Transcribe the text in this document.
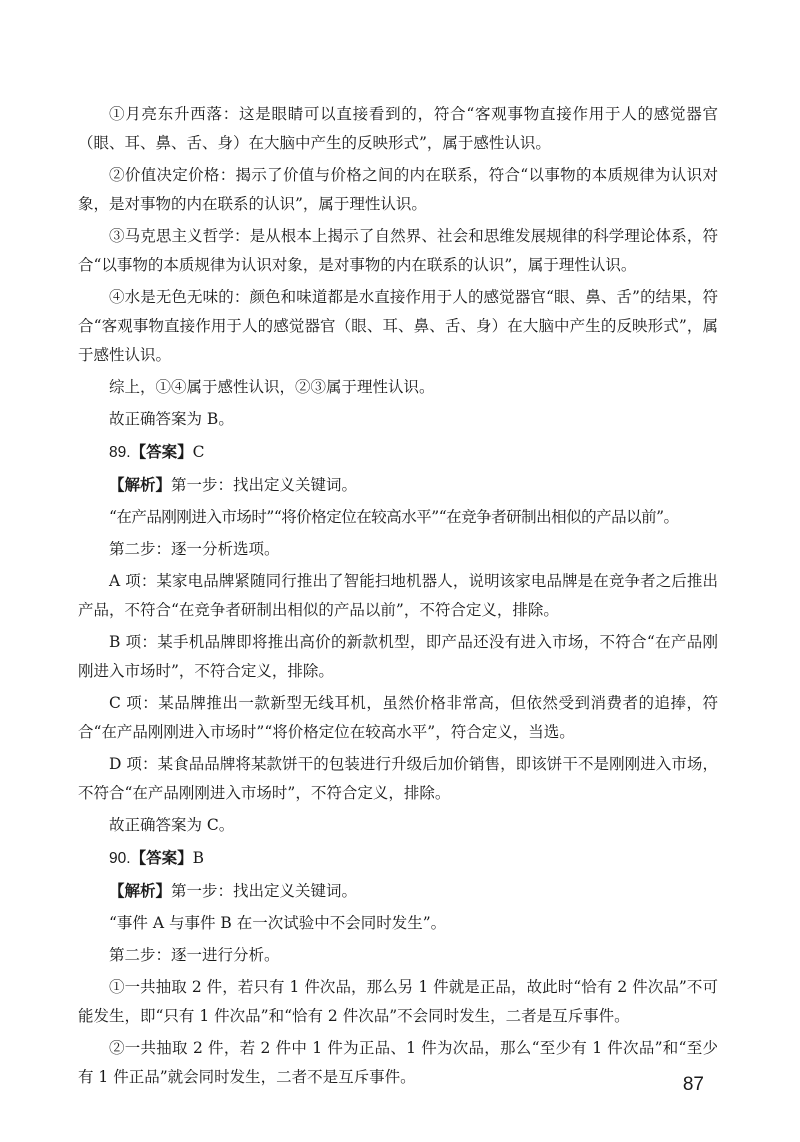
①月亮东升西落：这是眼睛可以直接看到的，符合“客观事物直接作用于人的感觉器官（眼、耳、鼻、舌、身）在大脑中产生的反映形式”，属于感性认识。

②价值决定价格：揭示了价值与价格之间的内在联系，符合“以事物的本质规律为认识对象，是对事物的内在联系的认识”，属于理性认识。

③马克思主义哲学：是从根本上揭示了自然界、社会和思维发展规律的科学理论体系，符合“以事物的本质规律为认识对象，是对事物的内在联系的认识”，属于理性认识。

④水是无色无味的：颜色和味道都是水直接作用于人的感觉器官“眼、鼻、舌”的结果，符合“客观事物直接作用于人的感觉器官（眼、耳、鼻、舌、身）在大脑中产生的反映形式”，属于感性认识。

综上，①④属于感性认识，②③属于理性认识。

故正确答案为 B。

89.【答案】C

【解析】第一步：找出定义关键词。

“在产品刚刚进入市场时”“将价格定位在较高水平”“在竞争者研制出相似的产品以前”。

第二步：逐一分析选项。

A 项：某家电品牌紧随同行推出了智能扫地机器人，说明该家电品牌是在竞争者之后推出产品，不符合“在竞争者研制出相似的产品以前”，不符合定义，排除。

B 项：某手机品牌即将推出高价的新款机型，即产品还没有进入市场，不符合“在产品刚刚进入市场时”，不符合定义，排除。

C 项：某品牌推出一款新型无线耳机，虽然价格非常高，但依然受到消费者的追捧，符合“在产品刚刚进入市场时”“将价格定位在较高水平”，符合定义，当选。

D 项：某食品品牌将某款饼干的包装进行升级后加价销售，即该饼干不是刚刚进入市场，不符合“在产品刚刚进入市场时”，不符合定义，排除。

故正确答案为 C。

90.【答案】B

【解析】第一步：找出定义关键词。

“事件 A 与事件 B 在一次试验中不会同时发生”。

第二步：逐一进行分析。

①一共抽取 2 件，若只有 1 件次品，那么另 1 件就是正品，故此时“恰有 2 件次品”不可能发生，即“只有 1 件次品”和“恰有 2 件次品”不会同时发生，二者是互斥事件。

②一共抽取 2 件，若 2 件中 1 件为正品、1 件为次品，那么“至少有 1 件次品”和“至少有 1 件正品”就会同时发生，二者不是互斥事件。	87
